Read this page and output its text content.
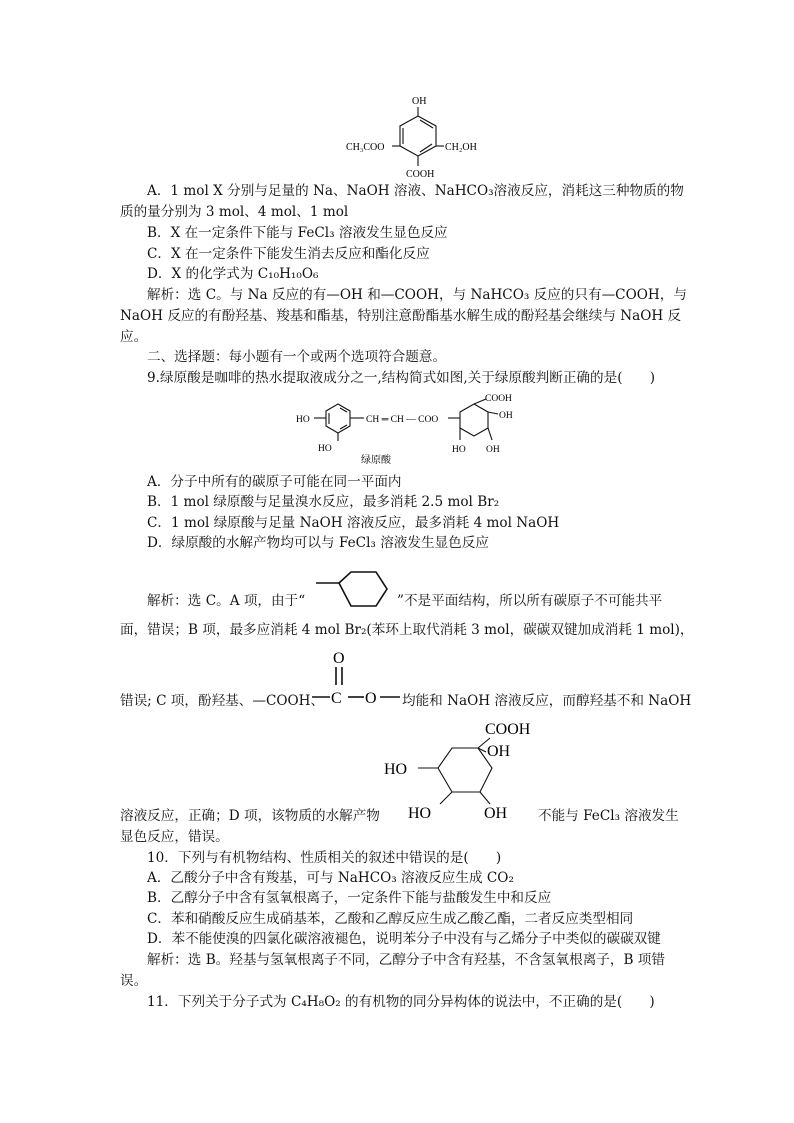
OH
CH₃COO	CH₂OH
COOH
A．1 mol X 分别与足量的 Na、NaOH 溶液、NaHCO₃溶液反应，消耗这三种物质的物
质的量分别为 3 mol、4 mol、1 mol
B．X 在一定条件下能与 FeCl₃ 溶液发生显色反应
C．X 在一定条件下能发生消去反应和酯化反应
D．X 的化学式为 C₁₀H₁₀O₆
解析：选 C。与 Na 反应的有—OH 和—COOH，与 NaHCO₃ 反应的只有—COOH，与
NaOH 反应的有酚羟基、羧基和酯基，特别注意酚酯基水解生成的酚羟基会继续与 NaOH 反
应。
二、选择题：每小题有一个或两个选项符合题意。
9.绿原酸是咖啡的热水提取液成分之一,结构简式如图,关于绿原酸判断正确的是(　　)
HO
HO
CH ═ CH — COO
COOH
OH
HO OH
绿原酸
A．分子中所有的碳原子可能在同一平面内
B．1 mol 绿原酸与足量溴水反应，最多消耗 2.5 mol Br₂
C．1 mol 绿原酸与足量 NaOH 溶液反应，最多消耗 4 mol NaOH
D．绿原酸的水解产物均可以与 FeCl₃ 溶液发生显色反应
解析：选 C。A 项，由于“	”不是平面结构，所以所有碳原子不可能共平
面，错误；B 项，最多应消耗 4 mol Br₂(苯环上取代消耗 3 mol，碳碳双键加成消耗 1 mol)，
错误; C 项，酚羟基、—COOH、
O
C O 均能和 NaOH 溶液反应，而醇羟基不和 NaOH
溶液反应，正确；D 项，该物质的水解产物
COOH
OH
HO
HO	OH 不能与 FeCl₃ 溶液发生
显色反应，错误。
10．下列与有机物结构、性质相关的叙述中错误的是(　　)
A．乙酸分子中含有羧基，可与 NaHCO₃ 溶液反应生成 CO₂
B．乙醇分子中含有氢氧根离子，一定条件下能与盐酸发生中和反应
C．苯和硝酸反应生成硝基苯，乙酸和乙醇反应生成乙酸乙酯，二者反应类型相同
D．苯不能使溴的四氯化碳溶液褪色，说明苯分子中没有与乙烯分子中类似的碳碳双键
解析：选 B。羟基与氢氧根离子不同，乙醇分子中含有羟基，不含氢氧根离子，B 项错
误。
11．下列关于分子式为 C₄H₈O₂ 的有机物的同分异构体的说法中，不正确的是(　　)
